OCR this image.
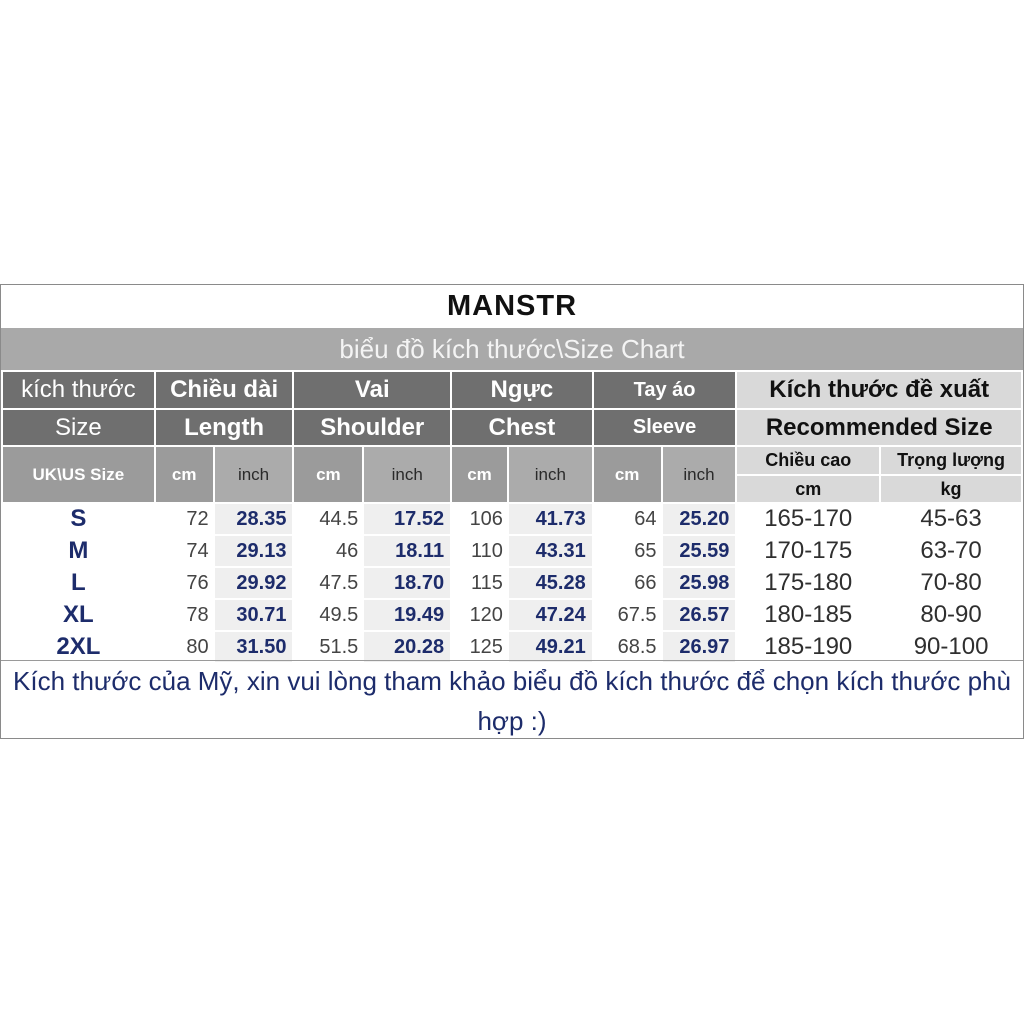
MANSTR
biểu đồ kích thước\Size Chart
kích thước	Chiều dài		Vai		Ngực		Tay áo		Kích thước đề xuất	
Size	Length		Shoulder		Chest		Sleeve		Recommended Size	
UK\US Size	cm	inch	cm	inch	cm	inch	cm	inch	Chiều cao	Trọng lượng
									cm	kg
S	72	28.35	44.5	17.52	106	41.73	64	25.20	165-170	45-63
M	74	29.13	46	18.11	110	43.31	65	25.59	170-175	63-70
L	76	29.92	47.5	18.70	115	45.28	66	25.98	175-180	70-80
XL	78	30.71	49.5	19.49	120	47.24	67.5	26.57	180-185	80-90
2XL	80	31.50	51.5	20.28	125	49.21	68.5	26.97	185-190	90-100
Kích thước của Mỹ, xin vui lòng tham khảo biểu đồ kích thước để chọn kích thước phù hợp :)
